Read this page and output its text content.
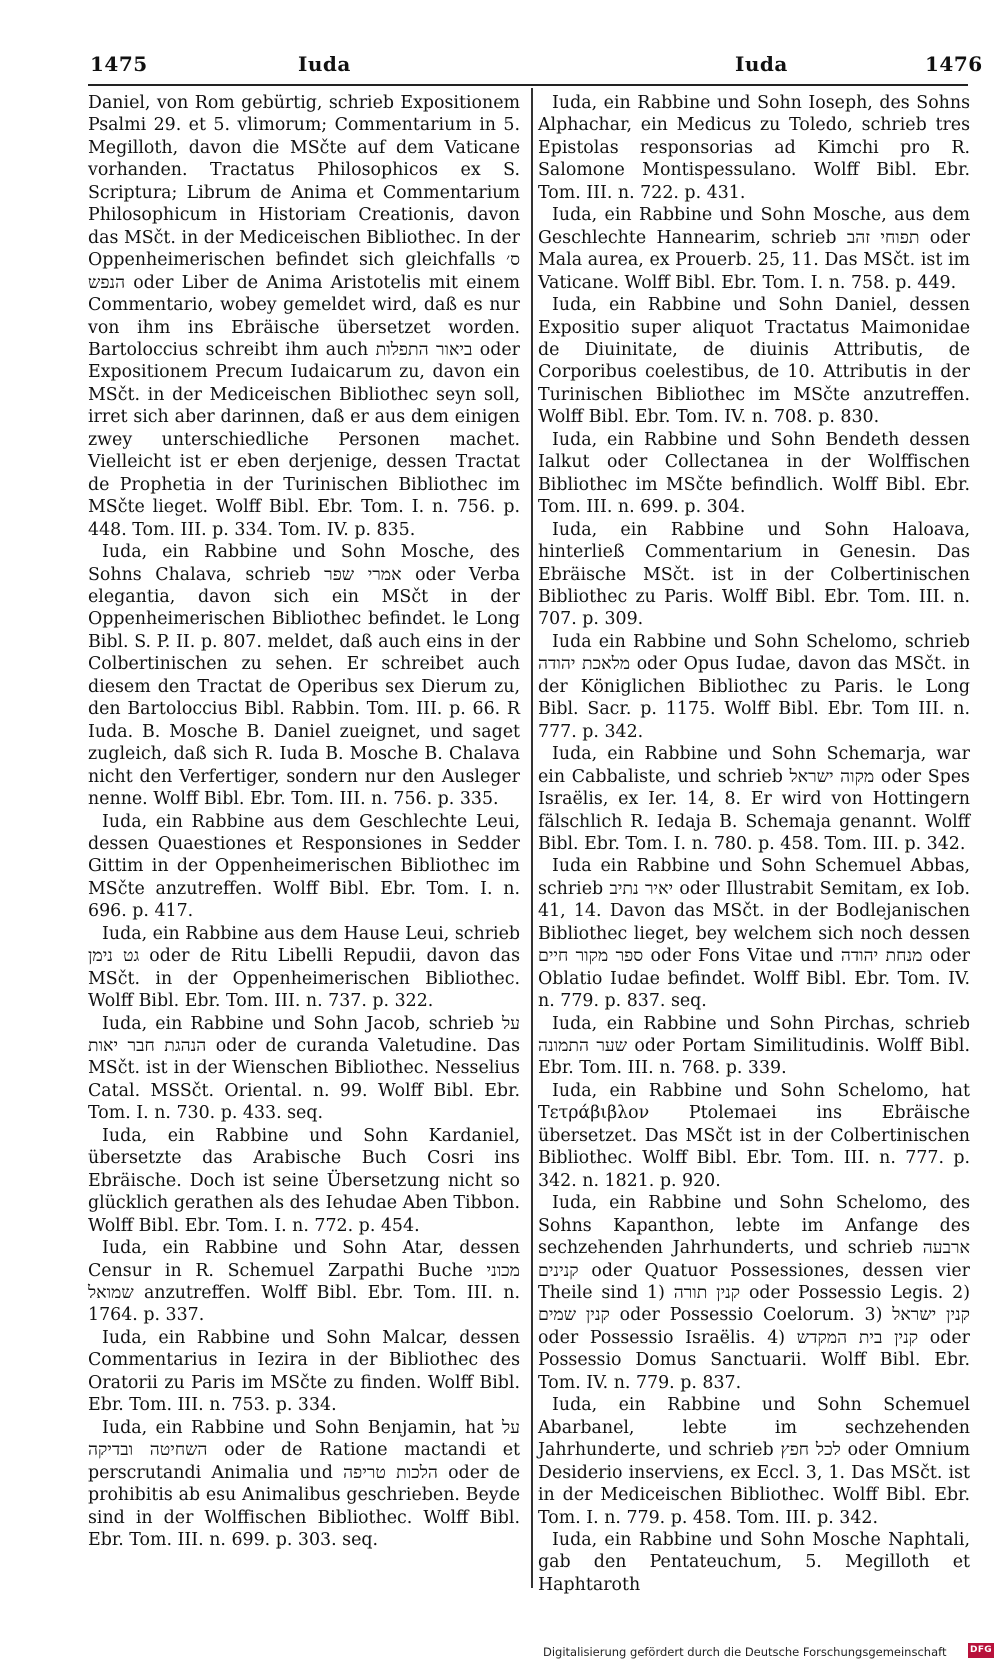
1475	Iuda	Iuda	1476

Daniel, von Rom gebürtig, schrieb Expositionem Psalmi 29. et 5. vlimorum; Commentarium in 5. Megilloth, davon die MSčte auf dem Vaticane vorhanden. Tractatus Philosophicos ex S. Scriptura; Librum de Anima et Commentarium Philosophicum in Historiam Creationis, davon das MSčt. in der Mediceischen Bibliothec. In der Oppenheimerischen befindet sich gleichfalls ס׳ הנפש oder Liber de Anima Aristotelis mit einem Commentario, wobey gemeldet wird, daß es nur von ihm ins Ebräische übersetzet worden. Bartoloccius schreibt ihm auch ביאור התפלות oder Expositionem Precum Iudaicarum zu, davon ein MSčt. in der Mediceischen Bibliothec seyn soll, irret sich aber darinnen, daß er aus dem einigen zwey unterschiedliche Personen machet. Vielleicht ist er eben derjenige, dessen Tractat de Prophetia in der Turinischen Bibliothec im MSčte lieget. Wolff Bibl. Ebr. Tom. I. n. 756. p. 448. Tom. III. p. 334. Tom. IV. p. 835.

Iuda, ein Rabbine und Sohn Mosche, des Sohns Chalava, schrieb אמרי שפר oder Verba elegantia, davon sich ein MSčt in der Oppenheimerischen Bibliothec befindet. le Long Bibl. S. P. II. p. 807. meldet, daß auch eins in der Colbertinischen zu sehen. Er schreibet auch diesem den Tractat de Operibus sex Dierum zu, den Bartoloccius Bibl. Rabbin. Tom. III. p. 66. R Iuda. B. Mosche B. Daniel zueignet, und saget zugleich, daß sich R. Iuda B. Mosche B. Chalava nicht den Verfertiger, sondern nur den Ausleger nenne. Wolff Bibl. Ebr. Tom. III. n. 756. p. 335.

Iuda, ein Rabbine aus dem Geschlechte Leui, dessen Quaestiones et Responsiones in Sedder Gittim in der Oppenheimerischen Bibliothec im MSčte anzutreffen. Wolff Bibl. Ebr. Tom. I. n. 696. p. 417.

Iuda, ein Rabbine aus dem Hause Leui, schrieb גט נימן oder de Ritu Libelli Repudii, davon das MSčt. in der Oppenheimerischen Bibliothec. Wolff Bibl. Ebr. Tom. III. n. 737. p. 322.

Iuda, ein Rabbine und Sohn Jacob, schrieb על הנהגת חבר יאות oder de curanda Valetudine. Das MSčt. ist in der Wienschen Bibliothec. Nesselius Catal. MSSčt. Oriental. n. 99. Wolff Bibl. Ebr. Tom. I. n. 730. p. 433. seq.

Iuda, ein Rabbine und Sohn Kardaniel, übersetzte das Arabische Buch Cosri ins Ebräische. Doch ist seine Übersetzung nicht so glücklich gerathen als des Iehudae Aben Tibbon. Wolff Bibl. Ebr. Tom. I. n. 772. p. 454.

Iuda, ein Rabbine und Sohn Atar, dessen Censur in R. Schemuel Zarpathi Buche מכוני שמואל anzutreffen. Wolff Bibl. Ebr. Tom. III. n. 1764. p. 337.

Iuda, ein Rabbine und Sohn Malcar, dessen Commentarius in Iezira in der Bibliothec des Oratorii zu Paris im MSčte zu finden. Wolff Bibl. Ebr. Tom. III. n. 753. p. 334.

Iuda, ein Rabbine und Sohn Benjamin, hat על השחיטה ובדיקה oder de Ratione mactandi et perscrutandi Animalia und הלכות טריפה oder de prohibitis ab esu Animalibus geschrieben. Beyde sind in der Wolffischen Bibliothec. Wolff Bibl. Ebr. Tom. III. n. 699. p. 303. seq.

Iuda, ein Rabbine und Sohn Ioseph, des Sohns Alphachar, ein Medicus zu Toledo, schrieb tres Epistolas responsorias ad Kimchi pro R. Salomone Montispessulano. Wolff Bibl. Ebr. Tom. III. n. 722. p. 431.

Iuda, ein Rabbine und Sohn Mosche, aus dem Geschlechte Hannearim, schrieb תפוחי זהב oder Mala aurea, ex Prouerb. 25, 11. Das MSčt. ist im Vaticane. Wolff Bibl. Ebr. Tom. I. n. 758. p. 449.

Iuda, ein Rabbine und Sohn Daniel, dessen Expositio super aliquot Tractatus Maimonidae de Diuinitate, de diuinis Attributis, de Corporibus coelestibus, de 10. Attributis in der Turinischen Bibliothec im MSčte anzutreffen. Wolff Bibl. Ebr. Tom. IV. n. 708. p. 830.

Iuda, ein Rabbine und Sohn Bendeth dessen Ialkut oder Collectanea in der Wolffischen Bibliothec im MSčte befindlich. Wolff Bibl. Ebr. Tom. III. n. 699. p. 304.

Iuda, ein Rabbine und Sohn Haloava, hinterließ Commentarium in Genesin. Das Ebräische MSčt. ist in der Colbertinischen Bibliothec zu Paris. Wolff Bibl. Ebr. Tom. III. n. 707. p. 309.

Iuda ein Rabbine und Sohn Schelomo, schrieb מלאכת יהודה oder Opus Iudae, davon das MSčt. in der Königlichen Bibliothec zu Paris. le Long Bibl. Sacr. p. 1175. Wolff Bibl. Ebr. Tom III. n. 777. p. 342.

Iuda, ein Rabbine und Sohn Schemarja, war ein Cabbaliste, und schrieb מקוה ישראל oder Spes Israëlis, ex Ier. 14, 8. Er wird von Hottingern fälschlich R. Iedaja B. Schemaja genannt. Wolff Bibl. Ebr. Tom. I. n. 780. p. 458. Tom. III. p. 342.

Iuda ein Rabbine und Sohn Schemuel Abbas, schrieb יאיר נתיב oder Illustrabit Semitam, ex Iob. 41, 14. Davon das MSčt. in der Bodlejanischen Bibliothec lieget, bey welchem sich noch dessen ספר מקור חיים oder Fons Vitae und מנחת יהודה oder Oblatio Iudae befindet. Wolff Bibl. Ebr. Tom. IV. n. 779. p. 837. seq.

Iuda, ein Rabbine und Sohn Pirchas, schrieb שער התמונה oder Portam Similitudinis. Wolff Bibl. Ebr. Tom. III. n. 768. p. 339.

Iuda, ein Rabbine und Sohn Schelomo, hat Τετράβιβλον Ptolemaei ins Ebräische übersetzet. Das MSčt ist in der Colbertinischen Bibliothec. Wolff Bibl. Ebr. Tom. III. n. 777. p. 342. n. 1821. p. 920.

Iuda, ein Rabbine und Sohn Schelomo, des Sohns Kapanthon, lebte im Anfange des sechzehenden Jahrhunderts, und schrieb ארבעה קנינים oder Quatuor Possessiones, dessen vier Theile sind 1) קנין תורה oder Possessio Legis. 2) קנין שמים oder Possessio Coelorum. 3) קנין ישראל oder Possessio Israëlis. 4) קנין בית המקדש oder Possessio Domus Sanctuarii. Wolff Bibl. Ebr. Tom. IV. n. 779. p. 837.

Iuda, ein Rabbine und Sohn Schemuel Abarbanel, lebte im sechzehenden Jahrhunderte, und schrieb לכל חפץ oder Omnium Desiderio inserviens, ex Eccl. 3, 1. Das MSčt. ist in der Mediceischen Bibliothec. Wolff Bibl. Ebr. Tom. I. n. 779. p. 458. Tom. III. p. 342.

Iuda, ein Rabbine und Sohn Mosche Naphtali, gab den Pentateuchum, 5. Megilloth et Haphtaroth

Digitalisierung gefördert durch die Deutsche Forschungsgemeinschaft	DFG
